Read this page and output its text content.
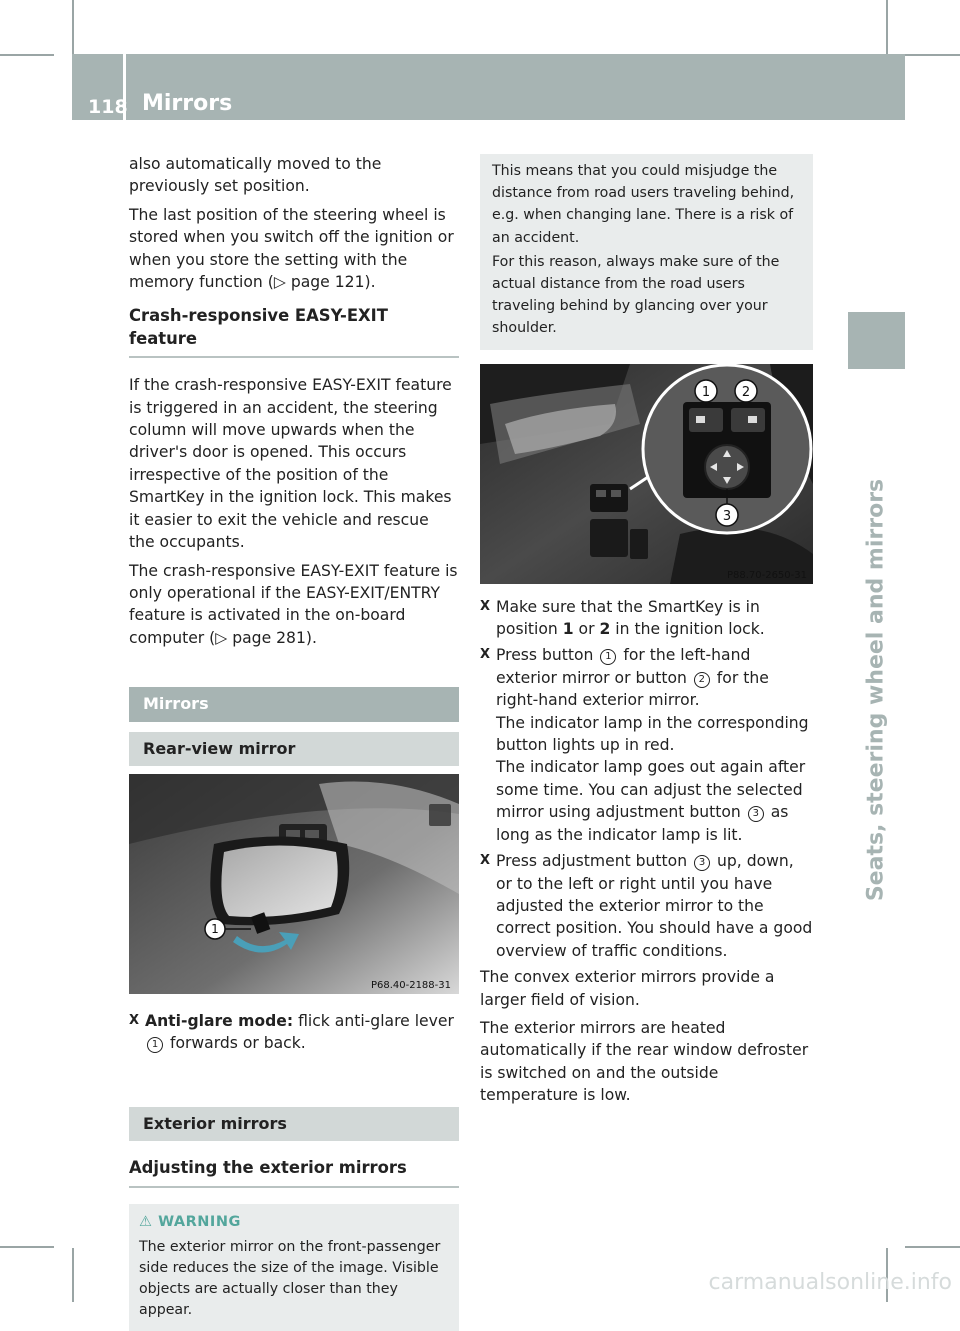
118 Mirrors
Seats, steering wheel and mirrors

also automatically moved to the previously set position.

The last position of the steering wheel is stored when you switch off the ignition or when you store the setting with the memory function (▷ page 121).

Crash-responsive EASY-EXIT feature

If the crash-responsive EASY-EXIT feature is triggered in an accident, the steering column will move upwards when the driver's door is opened. This occurs irrespective of the position of the SmartKey in the ignition lock. This makes it easier to exit the vehicle and rescue the occupants.

The crash-responsive EASY-EXIT feature is only operational if the EASY-EXIT/ENTRY feature is activated in the on-board computer (▷ page 281).

Mirrors
Rear-view mirror
1
P68.40-2188-31
X Anti-glare mode: flick anti-glare lever 1 forwards or back.
Exterior mirrors
Adjusting the exterior mirrors
⚠ WARNING
The exterior mirror on the front-passenger side reduces the size of the image. Visible objects are actually closer than they appear.

This means that you could misjudge the distance from road users traveling behind, e.g. when changing lane. There is a risk of an accident.

For this reason, always make sure of the actual distance from the road users traveling behind by glancing over your shoulder.

1 2
3
P88.70-2650-31
X Make sure that the SmartKey is in position 1 or 2 in the ignition lock.
X Press button 1 for the left-hand exterior mirror or button 2 for the right-hand exterior mirror.
The indicator lamp in the corresponding button lights up in red.
The indicator lamp goes out again after some time. You can adjust the selected mirror using adjustment button 3 as long as the indicator lamp is lit.
X Press adjustment button 3 up, down, or to the left or right until you have adjusted the exterior mirror to the correct position. You should have a good overview of traffic conditions.

The convex exterior mirrors provide a larger field of vision.

The exterior mirrors are heated automatically if the rear window defroster is switched on and the outside temperature is low.

carmanualsonline.info
